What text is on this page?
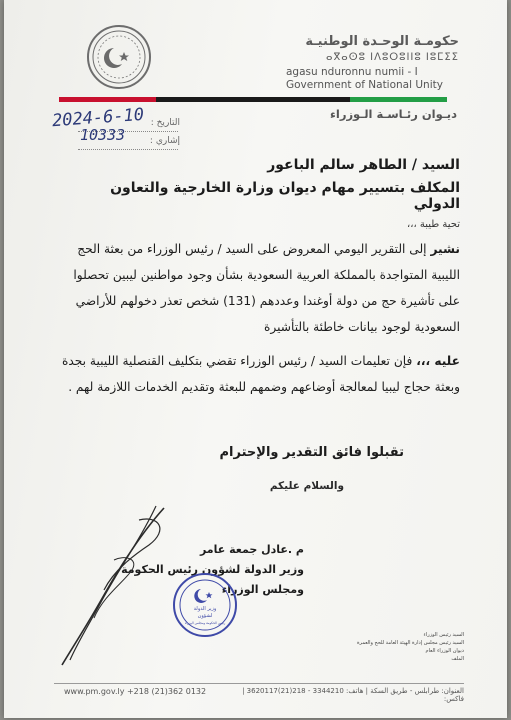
حكومـة الوحـدة الوطنيـة
ⴰⴳⴰⵙⵓ ⵏⴷⵓⵔⵓⵏⵏⵓ ⵏⵓⵎⵉⵉ
agasu nduronnu numii - I
Government of National Unity
ديـوان رئـاسـة الـوزراء
التاريخ :
2024-6-10
إشاري :
10333
السيد / الطاهر سالم الباعور
المكلف بتسيير مهام ديوان وزارة الخارجية والتعاون الدولي
تحية طيبة ،،،
نشير إلى التقرير اليومي المعروض على السيد / رئيس الوزراء من بعثة الحج الليبية المتواجدة بالمملكة العربية السعودية بشأن وجود مواطنين ليبين تحصلوا على تأشيرة حج من دولة أوغندا وعددهم (131) شخص تعذر دخولهم للأراضي السعودية لوجود بيانات خاطئة بالتأشيرة
عليه ،،، فإن تعليمات السيد / رئيس الوزراء تقضي بتكليف القنصلية الليبية بجدة وبعثة حجاج ليبيا لمعالجة أوضاعهم وضمهم للبعثة وتقديم الخدمات اللازمة لهم .
تقبلوا فائق التقدير والإحترام
والسلام عليكم
م .عادل جمعة عامر
وزير الدولة لشؤون رئيس الحكومة
ومجلس الوزراء
وزير الدولة
لشؤون
رئيس الحكومة ومجلس الوزراء
السيد رئيس الوزراء
السيد رئيس مجلس إدارة الهيئة العامة للحج والعمرة
ديوان الوزراء العام
الملف
www.pm.gov.ly +218 (21)362 0132	العنوان: طرابلس - طريق السكة | هاتف: 3344210 - 218(21)3620117 | فاكس:
